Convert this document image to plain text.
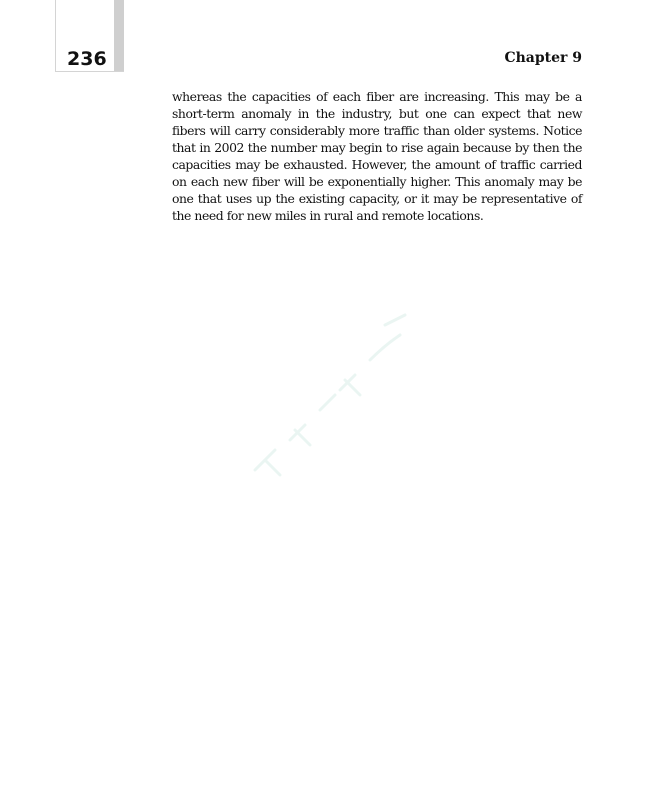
236	Chapter 9

whereas the capacities of each fiber are increasing. This may be a
short-term anomaly in the industry, but one can expect that new
fibers will carry considerably more traffic than older systems. Notice
that in 2002 the number may begin to rise again because by then the
capacities may be exhausted. However, the amount of traffic carried
on each new fiber will be exponentially higher. This anomaly may be
one that uses up the existing capacity, or it may be representative of
the need for new miles in rural and remote locations.
